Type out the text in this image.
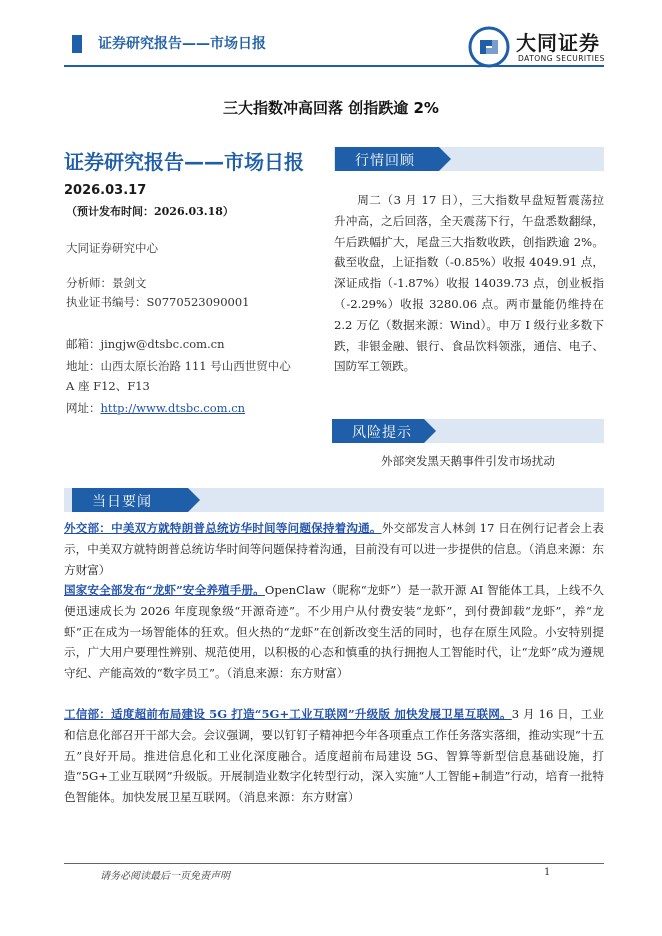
证券研究报告——市场日报	大同证券
DATONG SECURITIES
三大指数冲高回落 创指跌逾 2%
证券研究报告——市场日报
2026.03.17
（预计发布时间：2026.03.18）
大同证券研究中心
分析师：景剑文
执业证书编号：S0770523090001
邮箱：jingjw@dtsbc.com.cn
地址：山西太原长治路 111 号山西世贸中心
A 座 F12、F13
网址：http://www.dtsbc.com.cn
行情回顾

周二（3 月 17 日），三大指数早盘短暂震荡拉升冲高，之后回落，全天震荡下行，午盘悉数翻绿，午后跌幅扩大，尾盘三大指数收跌，创指跌逾 2%。截至收盘，上证指数（-0.85%）收报 4049.91 点，深证成指（-1.87%）收报 14039.73 点，创业板指（-2.29%）收报 3280.06 点。两市量能仍维持在 2.2 万亿（数据来源：Wind）。申万 I 级行业多数下跌，非银金融、银行、食品饮料领涨，通信、电子、国防军工领跌。

风险提示
外部突发黑天鹅事件引发市场扰动
当日要闻
外交部：中美双方就特朗普总统访华时间等问题保持着沟通。外交部发言人林剑 17 日在例行记者会上表示，中美双方就特朗普总统访华时间等问题保持着沟通，目前没有可以进一步提供的信息。（消息来源：东方财富）
国家安全部发布“龙虾”安全养殖手册。OpenClaw（昵称“龙虾”）是一款开源 AI 智能体工具，上线不久便迅速成长为 2026 年度现象级“开源奇迹”。不少用户从付费安装“龙虾”，到付费卸载“龙虾”，养“龙虾”正在成为一场智能体的狂欢。但火热的“龙虾”在创新改变生活的同时，也存在原生风险。小安特别提示，广大用户要理性辨别、规范使用，以积极的心态和慎重的执行拥抱人工智能时代，让“龙虾”成为遵规守纪、产能高效的“数字员工”。（消息来源：东方财富）
工信部：适度超前布局建设 5G 打造“5G+工业互联网”升级版 加快发展卫星互联网。3 月 16 日，工业和信息化部召开干部大会。会议强调，要以钉钉子精神把今年各项重点工作任务落实落细，推动实现“十五五”良好开局。推进信息化和工业化深度融合。适度超前布局建设 5G、智算等新型信息基础设施，打造“5G+工业互联网”升级版。开展制造业数字化转型行动，深入实施“人工智能+制造”行动，培育一批特色智能体。加快发展卫星互联网。（消息来源：东方财富）
请务必阅读最后一页免责声明	1
